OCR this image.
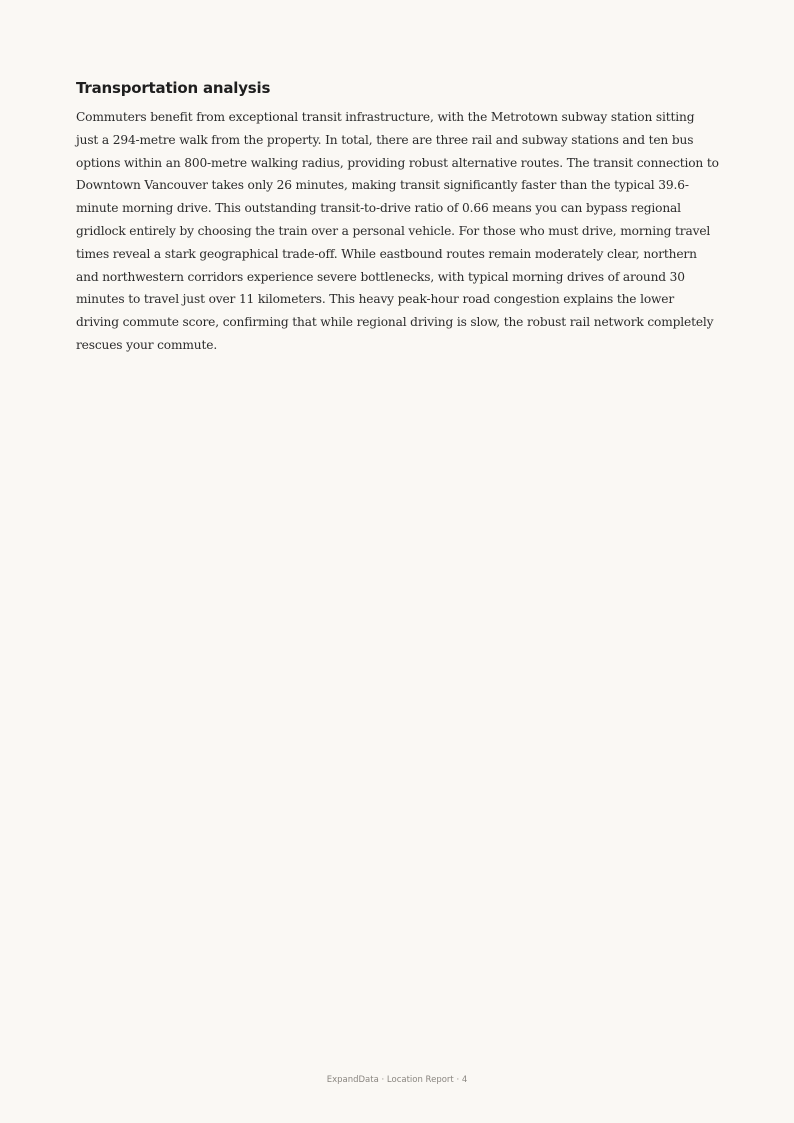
Transportation analysis

Commuters benefit from exceptional transit infrastructure, with the Metrotown subway station sitting just a 294-metre walk from the property. In total, there are three rail and subway stations and ten bus options within an 800-metre walking radius, providing robust alternative routes. The transit connection to Downtown Vancouver takes only 26 minutes, making transit significantly faster than the typical 39.6-minute morning drive. This outstanding transit-to-drive ratio of 0.66 means you can bypass regional gridlock entirely by choosing the train over a personal vehicle. For those who must drive, morning travel times reveal a stark geographical trade-off. While eastbound routes remain moderately clear, northern and northwestern corridors experience severe bottlenecks, with typical morning drives of around 30 minutes to travel just over 11 kilometers. This heavy peak-hour road congestion explains the lower driving commute score, confirming that while regional driving is slow, the robust rail network completely rescues your commute.

ExpandData · Location Report · 4
